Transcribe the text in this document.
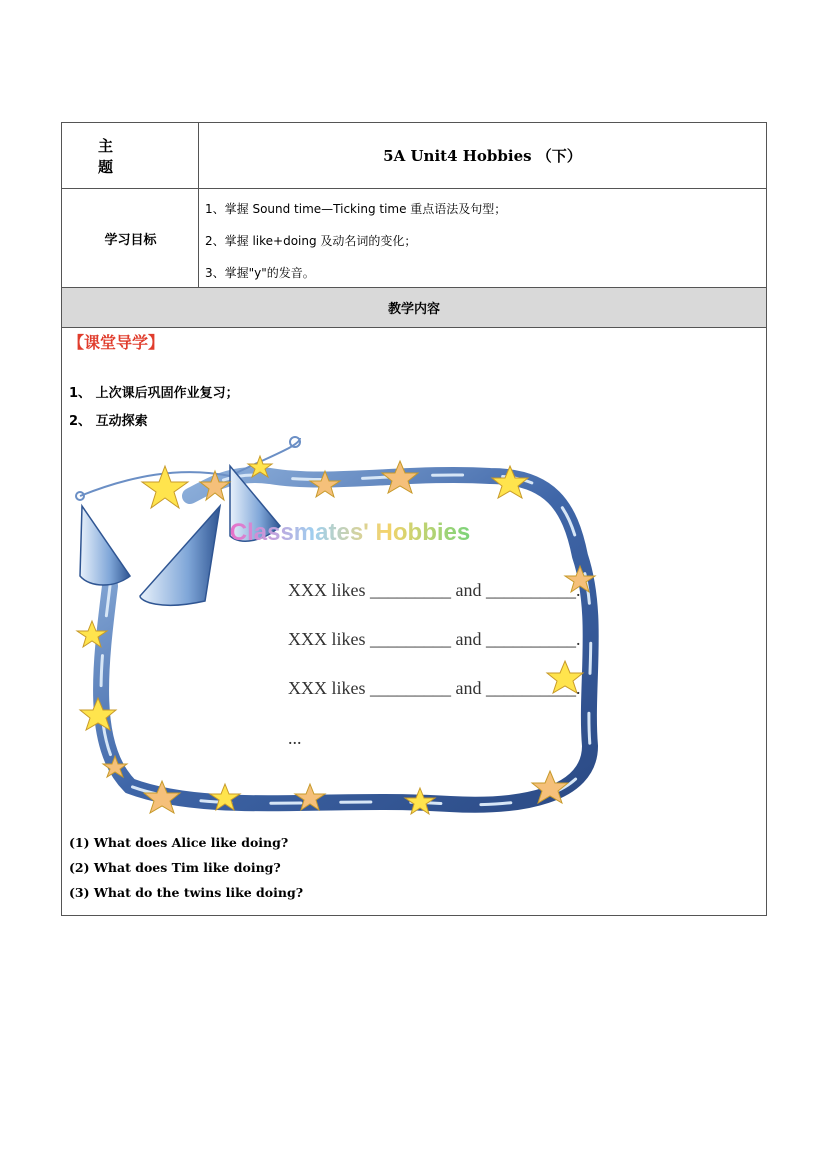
主题
5A Unit4 Hobbies （下）
学习目标
1、掌握 Sound time—Ticking time 重点语法及句型；
2、掌握 like+doing 及动名词的变化；
3、掌握"y"的发音。
教学内容
【课堂导学】
1、 上次课后巩固作业复习；
2、 互动探索
Classmates' Hobbies
XXX likes _________ and __________.
XXX likes _________ and __________.
XXX likes _________ and __________.
...
(1) What does Alice like doing?
(2) What does Tim like doing?
(3) What do the twins like doing?
